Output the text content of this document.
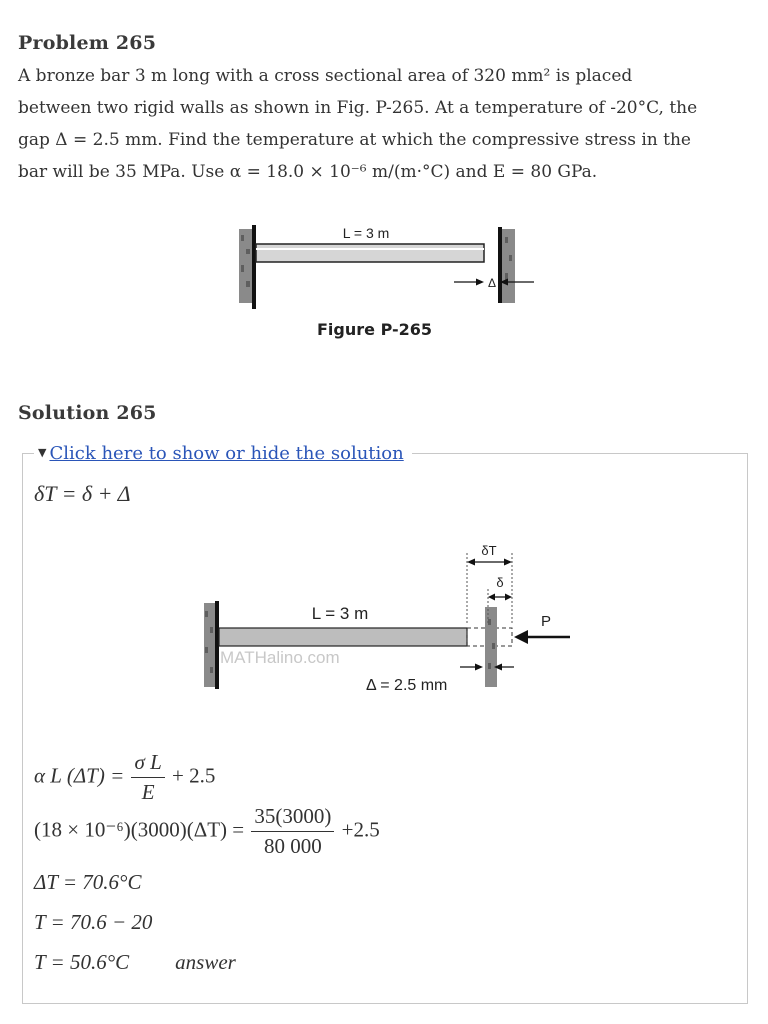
Problem 265

A bronze bar 3 m long with a cross sectional area of 320 mm² is placed

between two rigid walls as shown in Fig. P-265. At a temperature of -20°C, the

gap Δ = 2.5 mm. Find the temperature at which the compressive stress in the

bar will be 35 MPa. Use α = 18.0 × 10⁻⁶ m/(m·°C) and E = 80 GPa.

L = 3 m
Δ
Figure P-265
Solution 265
▼ Click here to show or hide the solution
δT = δ + Δ
L = 3 m
MATHalino.com
Δ = 2.5 mm
δT
δ
P
α L $(\Delta T) = \frac{\text{σ L}}{E} + 2.5$
$(18 \times 10^{-6})(3000)(\Delta T) = \frac{35(3000)}{80 000} +2.5$
ΔT = 70.6°C
T = 70.6 − 20
T = 50.6°C answer
